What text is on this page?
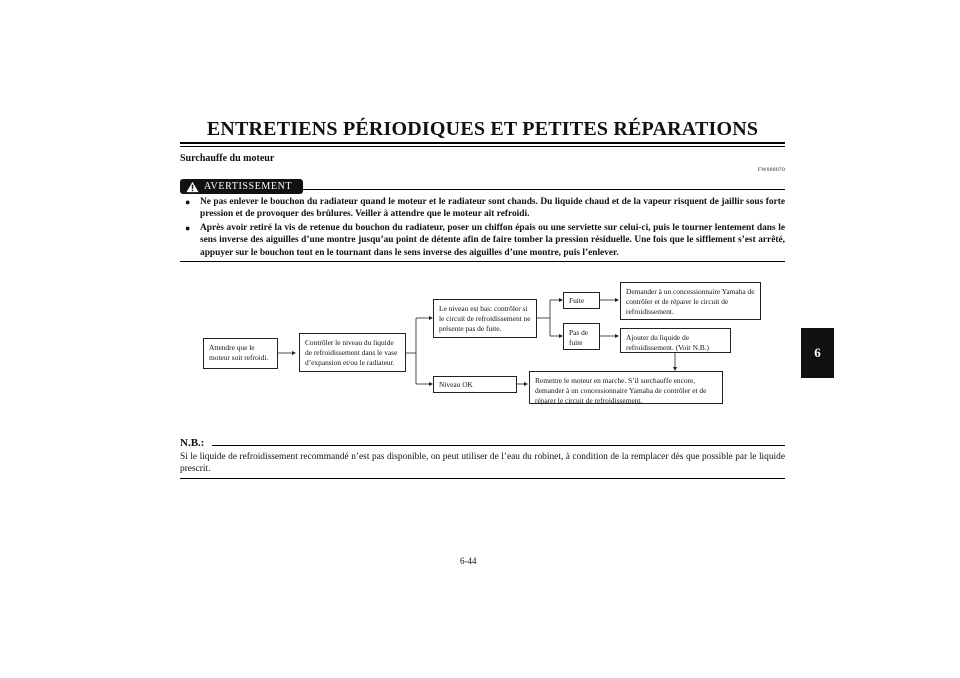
ENTRETIENS PÉRIODIQUES ET PETITES RÉPARATIONS
Surchauffe du moteur
FW000070
AVERTISSEMENT
● Ne pas enlever le bouchon du radiateur quand le moteur et le radiateur sont chauds. Du liquide chaud et de la vapeur risquent de jaillir sous forte pression et de provoquer des brûlures. Veiller à attendre que le moteur ait refroidi.
● Après avoir retiré la vis de retenue du bouchon du radiateur, poser un chiffon épais ou une serviette sur celui-ci, puis le tourner lentement dans le sens inverse des aiguilles d’une montre jusqu’au point de détente afin de faire tomber la pression résiduelle. Une fois que le sifflement s’est arrêté, appuyer sur le bouchon tout en le tournant dans le sens inverse des aiguilles d’une montre, puis l’enlever.
Attendre que le moteur soit refroidi.
Contrôler le niveau du liquide de refroidissement dans le vase d’expansion et/ou le radiateur.
Le niveau est bas: contrôler si le circuit de refroidissement ne présente pas de fuite.
Fuite
Pas de fuite
Demander à un concessionnaire Yamaha de contrôler et de réparer le circuit de refroidissement.
Ajouter du liquide de refroidissement. (Voir N.B.)
Niveau OK	Remettre le moteur en marche. S’il surchauffe encore, demander à un concessionnaire Yamaha de contrôler et de réparer le circuit de refroidissement.
6
N.B.:
Si le liquide de refroidissement recommandé n’est pas disponible, on peut utiliser de l’eau du robinet, à condition de la remplacer dès que possible par le liquide prescrit.
6-44
